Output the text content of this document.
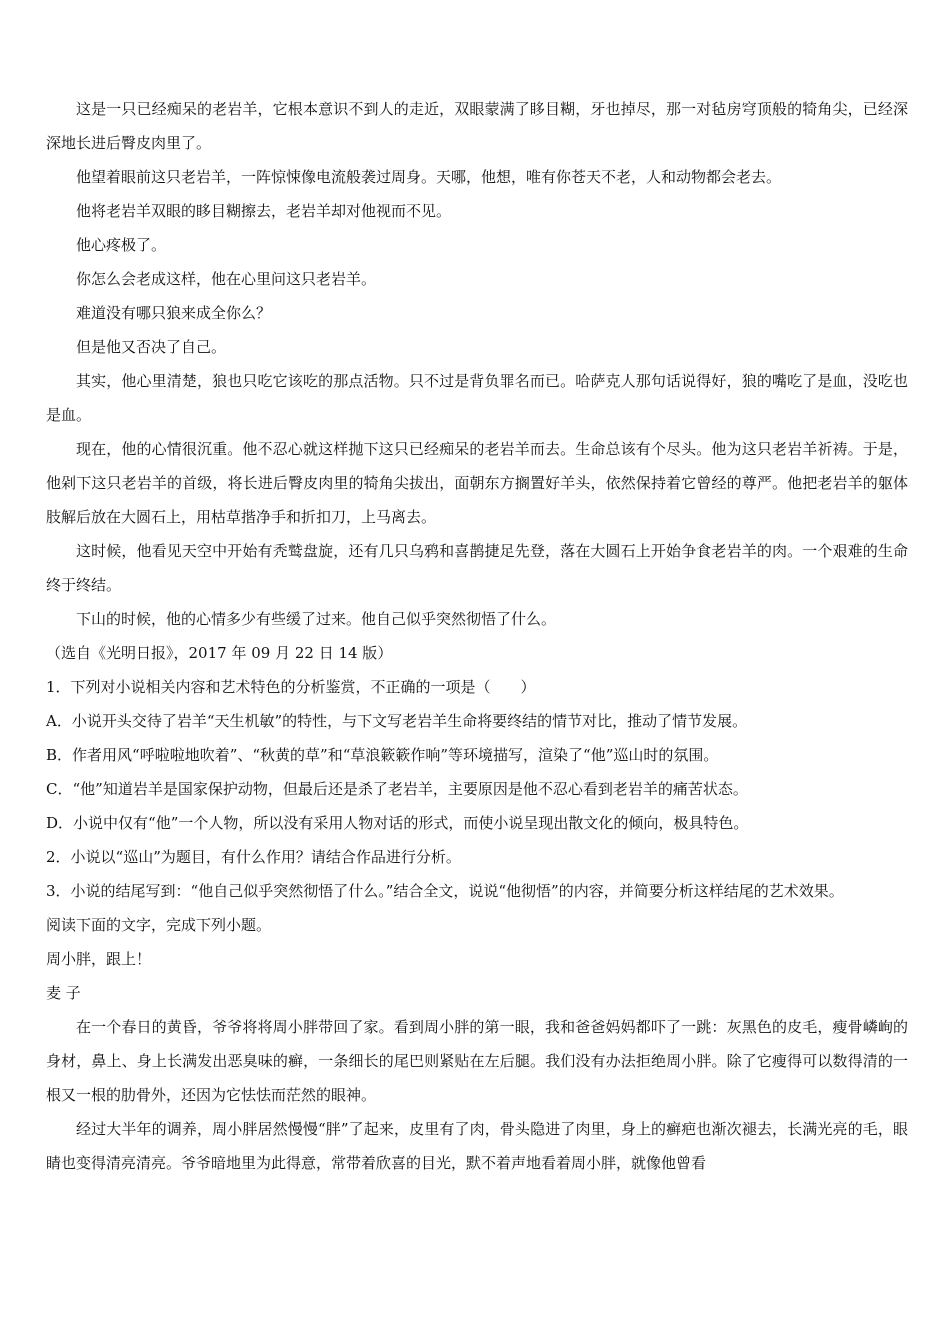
这是一只已经痴呆的老岩羊，它根本意识不到人的走近，双眼蒙满了眵目糊，牙也掉尽，那一对毡房穹顶般的犄角尖，已经深深地长进后臀皮肉里了。

他望着眼前这只老岩羊，一阵惊悚像电流般袭过周身。天哪，他想，唯有你苍天不老，人和动物都会老去。

他将老岩羊双眼的眵目糊擦去，老岩羊却对他视而不见。

他心疼极了。

你怎么会老成这样，他在心里问这只老岩羊。

难道没有哪只狼来成全你么？

但是他又否决了自己。

其实，他心里清楚，狼也只吃它该吃的那点活物。只不过是背负罪名而已。哈萨克人那句话说得好，狼的嘴吃了是血，没吃也是血。

现在，他的心情很沉重。他不忍心就这样抛下这只已经痴呆的老岩羊而去。生命总该有个尽头。他为这只老岩羊祈祷。于是，他剁下这只老岩羊的首级，将长进后臀皮肉里的犄角尖拔出，面朝东方搁置好羊头，依然保持着它曾经的尊严。他把老岩羊的躯体肢解后放在大圆石上，用枯草揩净手和折扣刀，上马离去。

这时候，他看见天空中开始有秃鹫盘旋，还有几只乌鸦和喜鹊捷足先登，落在大圆石上开始争食老岩羊的肉。一个艰难的生命终于终结。

下山的时候，他的心情多少有些缓了过来。他自己似乎突然彻悟了什么。

（选自《光明日报》，2017 年 09 月 22 日 14 版）

1．下列对小说相关内容和艺术特色的分析鉴赏，不正确的一项是（　　）

A．小说开头交待了岩羊“天生机敏”的特性，与下文写老岩羊生命将要终结的情节对比，推动了情节发展。

B．作者用风“呼啦啦地吹着”、“秋黄的草”和“草浪簌簌作响”等环境描写，渲染了“他”巡山时的氛围。

C．“他”知道岩羊是国家保护动物，但最后还是杀了老岩羊，主要原因是他不忍心看到老岩羊的痛苦状态。

D．小说中仅有“他”一个人物，所以没有采用人物对话的形式，而使小说呈现出散文化的倾向，极具特色。

2．小说以“巡山”为题目，有什么作用？请结合作品进行分析。

3．小说的结尾写到：“他自己似乎突然彻悟了什么。”结合全文，说说“他彻悟”的内容，并简要分析这样结尾的艺术效果。

阅读下面的文字，完成下列小题。

周小胖，跟上！

麦 子

在一个春日的黄昏，爷爷将将周小胖带回了家。看到周小胖的第一眼，我和爸爸妈妈都吓了一跳：灰黑色的皮毛，瘦骨嶙峋的身材，鼻上、身上长满发出恶臭味的癣，一条细长的尾巴则紧贴在左后腿。我们没有办法拒绝周小胖。除了它瘦得可以数得清的一根又一根的肋骨外，还因为它怯怯而茫然的眼神。

经过大半年的调养，周小胖居然慢慢“胖”了起来，皮里有了肉，骨头隐进了肉里，身上的癣疤也渐次褪去，长满光亮的毛，眼睛也变得清亮清亮。爷爷暗地里为此得意，常带着欣喜的目光，默不着声地看着周小胖，就像他曾看
